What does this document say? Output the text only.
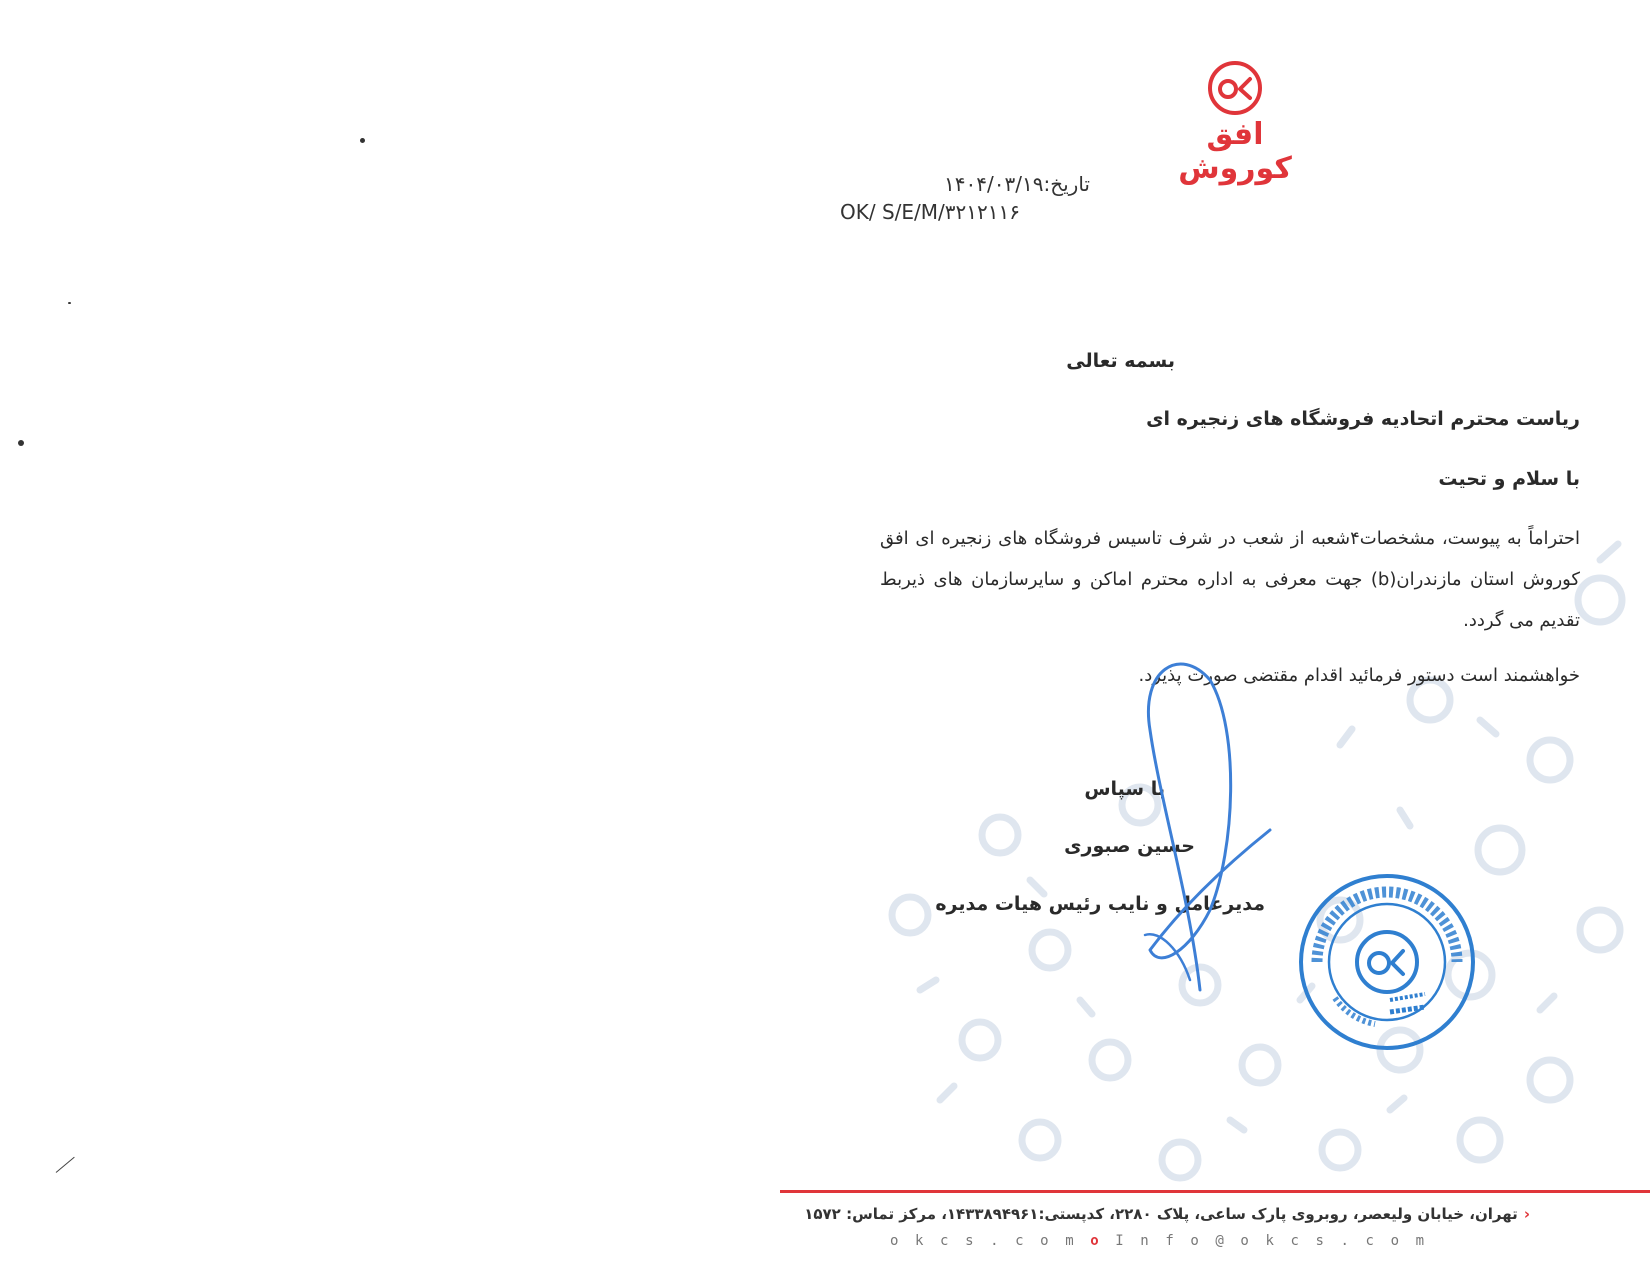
افق کوروش
تاریخ:۱۴۰۴/۰۳/۱۹
OK/ S/E/M/۳۲۱۲۱۱۶
بسمه تعالی
ریاست محترم اتحادیه فروشگاه های زنجیره ای
با سلام و تحیت
احتراماً به پیوست، مشخصات۴شعبه از شعب در شرف تاسیس فروشگاه های زنجیره ای افق کوروش استان مازندران(b) جهت معرفی به اداره محترم اماکن و سایرسازمان های ذیربط تقدیم می گردد.
خواهشمند است دستور فرمائید اقدام مقتضی صورت پذیرد.
با سپاس
حسین صبوری
مدیرعامل و نایب رئیس هیات مدیره
‹تهران، خیابان ولیعصر، روبروی پارک ساعی، پلاک ۲۲۸۰، کدپستی:۱۴۳۳۸۹۴۹۶۱، مرکز تماس: ۱۵۷۲
okcs.comoInfo@okcs.com
